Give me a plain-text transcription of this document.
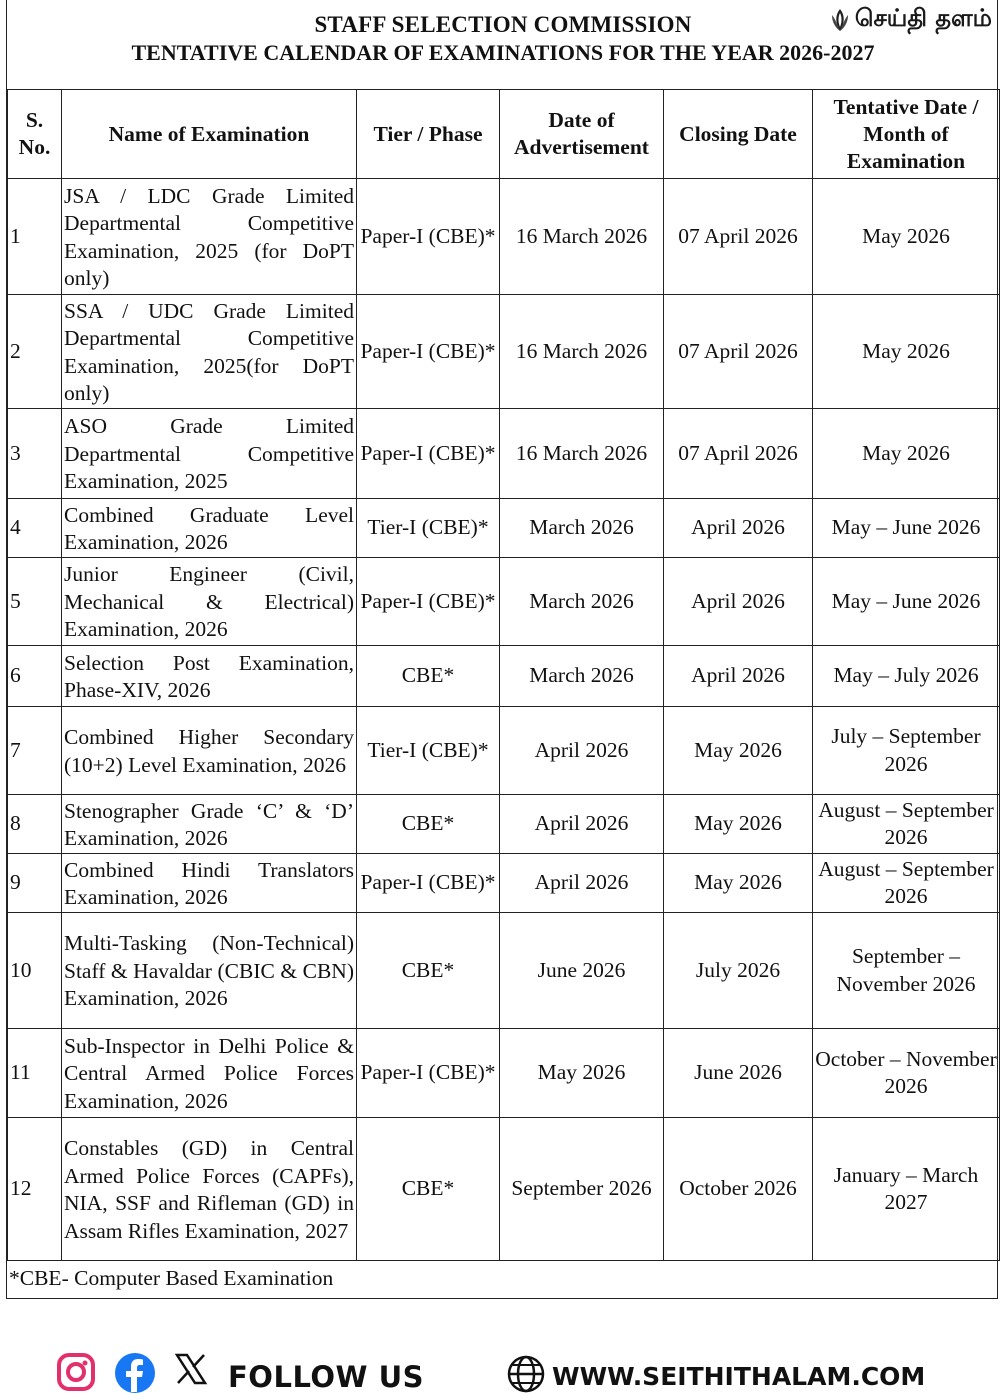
STAFF SELECTION COMMISSION
TENTATIVE CALENDAR OF EXAMINATIONS FOR THE YEAR 2026-2027
S. No.	Name of Examination	Tier / Phase	Date of Advertisement	Closing Date	Tentative Date / Month of Examination
1	JSA / LDC Grade Limited Departmental Competitive Examination, 2025 (for DoPT only)	Paper-I (CBE)*	16 March 2026	07 April 2026	May 2026
2	SSA / UDC Grade Limited Departmental Competitive Examination, 2025(for DoPT only)	Paper-I (CBE)*	16 March 2026	07 April 2026	May 2026
3	ASO Grade Limited Departmental Competitive Examination, 2025	Paper-I (CBE)*	16 March 2026	07 April 2026	May 2026
4	Combined Graduate Level Examination, 2026	Tier-I (CBE)*	March 2026	April 2026	May – June 2026
5	Junior Engineer (Civil, Mechanical & Electrical) Examination, 2026	Paper-I (CBE)*	March 2026	April 2026	May – June 2026
6	Selection Post Examination, Phase-XIV, 2026	CBE*	March 2026	April 2026	May – July 2026
7	Combined Higher Secondary (10+2) Level Examination, 2026	Tier-I (CBE)*	April 2026	May 2026	July – September 2026
8	Stenographer Grade ‘C’ & ‘D’ Examination, 2026	CBE*	April 2026	May 2026	August – September 2026
9	Combined Hindi Translators Examination, 2026	Paper-I (CBE)*	April 2026	May 2026	August – September 2026
10	Multi-Tasking (Non-Technical) Staff & Havaldar (CBIC & CBN) Examination, 2026	CBE*	June 2026	July 2026	September – November 2026
11	Sub-Inspector in Delhi Police & Central Armed Police Forces Examination, 2026	Paper-I (CBE)*	May 2026	June 2026	October – November 2026
12	Constables (GD) in Central Armed Police Forces (CAPFs), NIA, SSF and Rifleman (GD) in Assam Rifles Examination, 2027	CBE*	September 2026	October 2026	January – March 2027
*CBE- Computer Based Examination
செய்தி தளம்
FOLLOW US	WWW.SEITHITHALAM.COM
